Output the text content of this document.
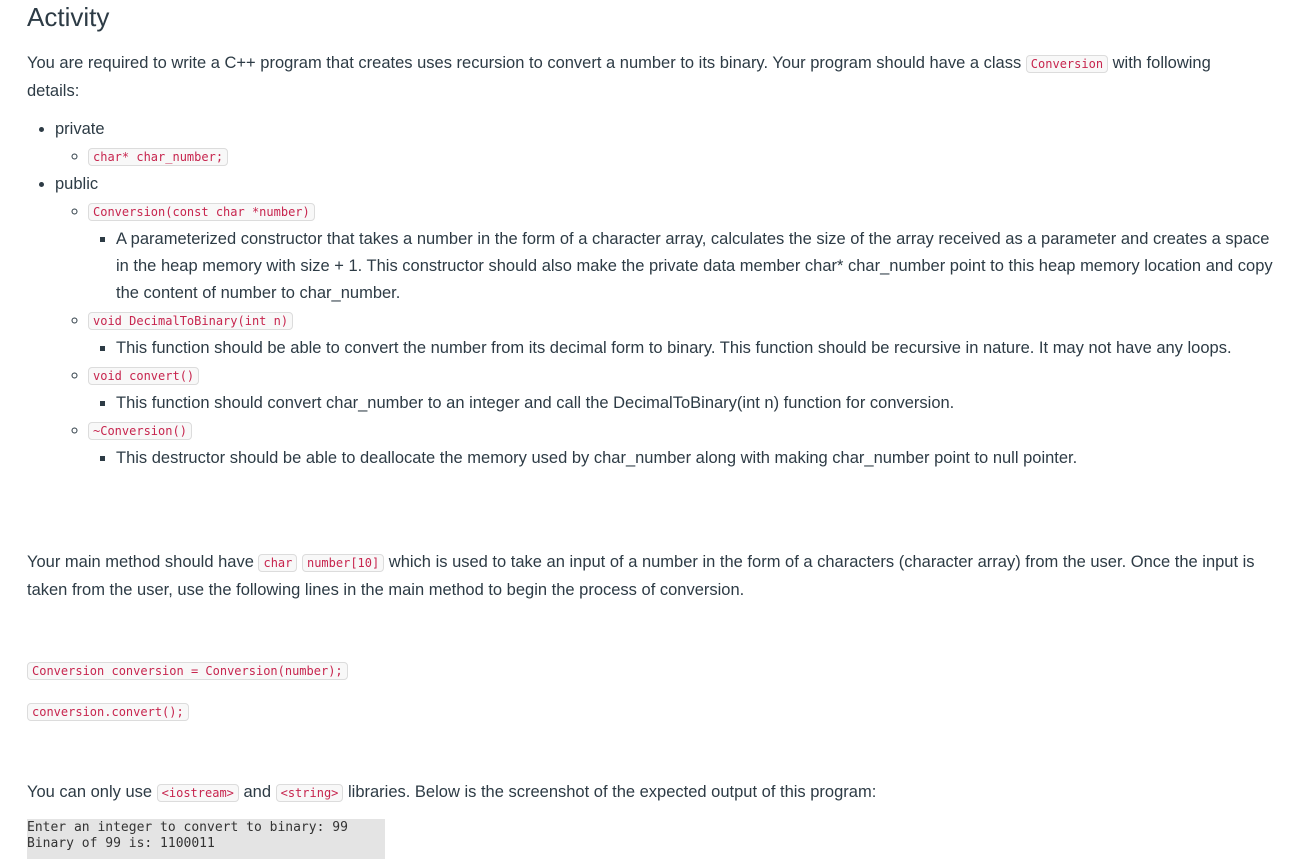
Activity

You are required to write a C++ program that creates uses recursion to convert a number to its binary. Your program should have a class Conversion with following details:

• private
◦ char* char_number;
• public
◦ Conversion(const char *number)
▪ A parameterized constructor that takes a number in the form of a character array, calculates the size of the array received as a parameter and creates a space in the heap memory with size + 1. This constructor should also make the private data member char* char_number point to this heap memory location and copy the content of number to char_number.
◦ void DecimalToBinary(int n)
▪ This function should be able to convert the number from its decimal form to binary. This function should be recursive in nature. It may not have any loops.
◦ void convert()
▪ This function should convert char_number to an integer and call the DecimalToBinary(int n) function for conversion.
◦ ~Conversion()
▪ This destructor should be able to deallocate the memory used by char_number along with making char_number point to null pointer.

Your main method should have char number[10] which is used to take an input of a number in the form of a characters (character array) from the user. Once the input is taken from the user, use the following lines in the main method to begin the process of conversion.

Conversion conversion = Conversion(number);
conversion.convert();

You can only use <iostream> and <string> libraries. Below is the screenshot of the expected output of this program:

Enter an integer to convert to binary: 99
Binary of 99 is: 1100011
